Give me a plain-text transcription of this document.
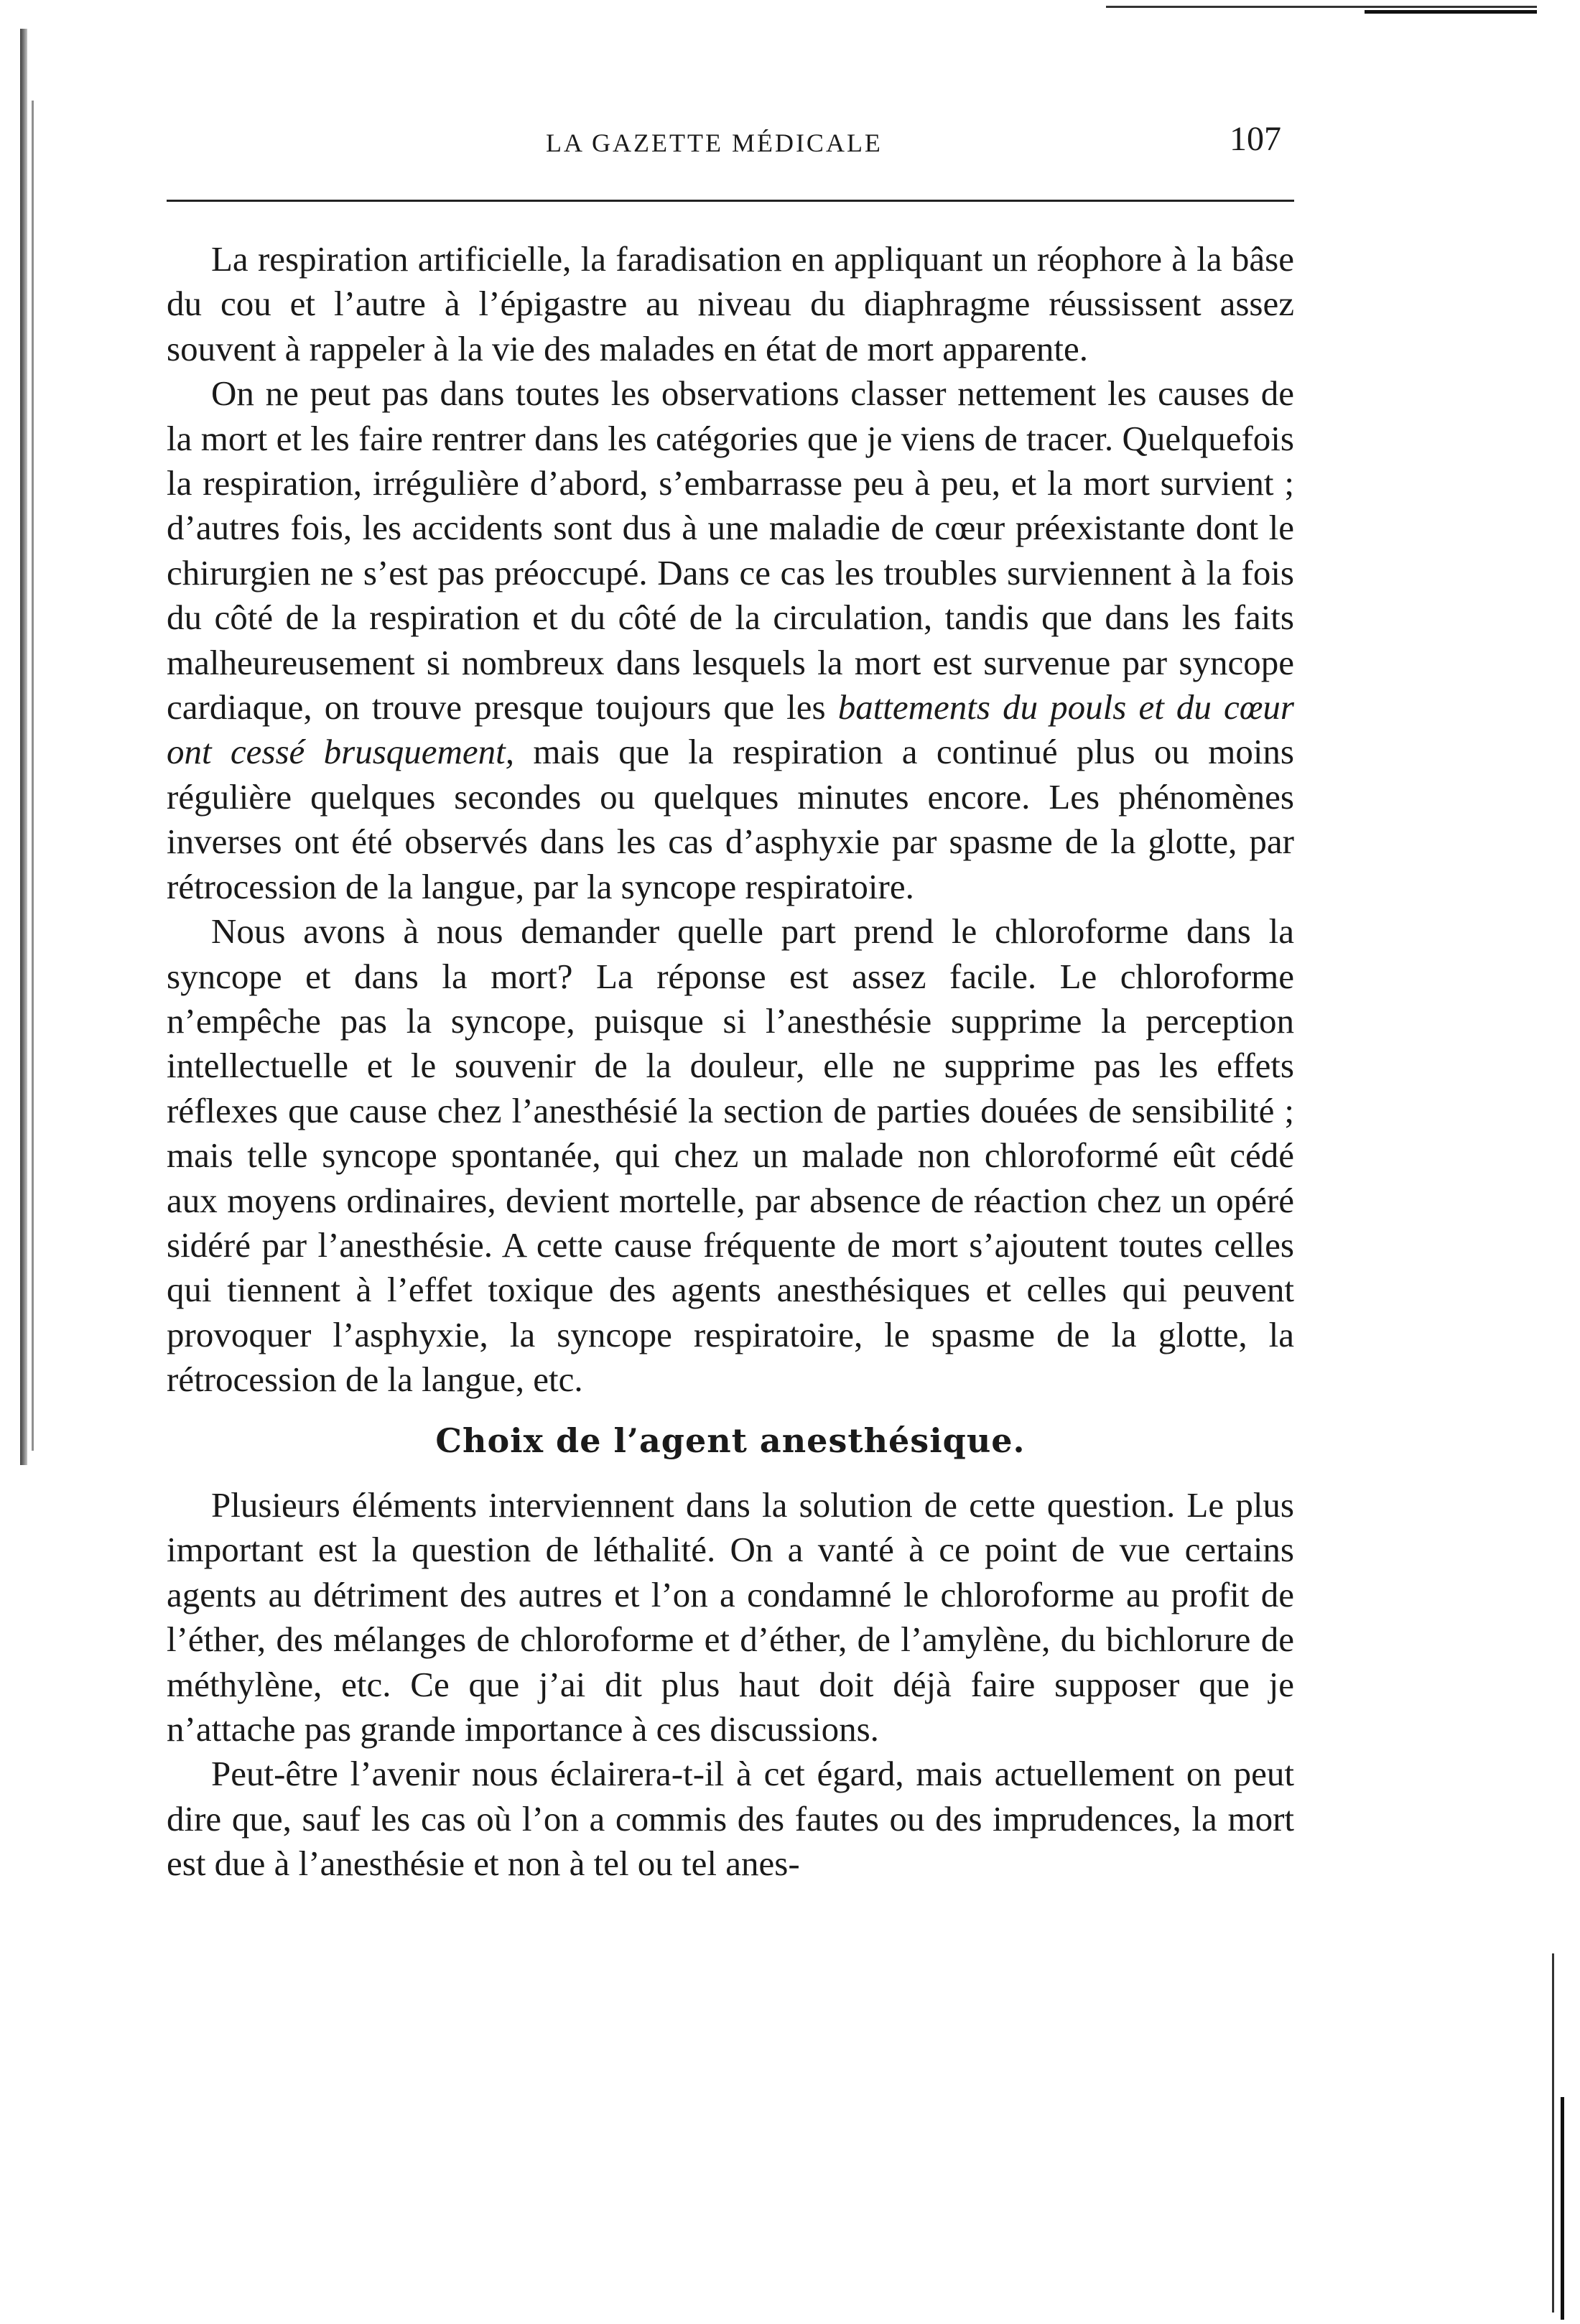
LA GAZETTE MÉDICALE	107

La respiration artificielle, la faradisation en appliquant un réophore à la bâse du cou et l’autre à l’épigastre au niveau du diaphragme réussissent assez souvent à rappeler à la vie des malades en état de mort apparente.

On ne peut pas dans toutes les observations classer nettement les causes de la mort et les faire rentrer dans les catégories que je viens de tracer. Quelquefois la respiration, irrégulière d’abord, s’embarrasse peu à peu, et la mort survient ; d’autres fois, les accidents sont dus à une maladie de cœur préexistante dont le chirurgien ne s’est pas préoccupé. Dans ce cas les troubles surviennent à la fois du côté de la respiration et du côté de la circulation, tandis que dans les faits malheureusement si nombreux dans lesquels la mort est survenue par syncope cardiaque, on trouve presque toujours que les battements du pouls et du cœur ont cessé brusquement, mais que la respiration a continué plus ou moins régulière quelques secondes ou quelques minutes encore. Les phénomènes inverses ont été observés dans les cas d’asphyxie par spasme de la glotte, par rétrocession de la langue, par la syncope respiratoire.

Nous avons à nous demander quelle part prend le chloroforme dans la syncope et dans la mort? La réponse est assez facile. Le chloroforme n’empêche pas la syncope, puisque si l’anesthésie supprime la perception intellectuelle et le souvenir de la douleur, elle ne supprime pas les effets réflexes que cause chez l’anesthésié la section de parties douées de sensibilité ; mais telle syncope spontanée, qui chez un malade non chloroformé eût cédé aux moyens ordinaires, devient mortelle, par absence de réaction chez un opéré sidéré par l’anesthésie. A cette cause fréquente de mort s’ajoutent toutes celles qui tiennent à l’effet toxique des agents anesthésiques et celles qui peuvent provoquer l’asphyxie, la syncope respiratoire, le spasme de la glotte, la rétrocession de la langue, etc.

Choix de l’agent anesthésique.

Plusieurs éléments interviennent dans la solution de cette question. Le plus important est la question de léthalité. On a vanté à ce point de vue certains agents au détriment des autres et l’on a condamné le chloroforme au profit de l’éther, des mélanges de chloroforme et d’éther, de l’amylène, du bichlorure de méthylène, etc. Ce que j’ai dit plus haut doit déjà faire supposer que je n’attache pas grande importance à ces discussions.

Peut-être l’avenir nous éclairera-t-il à cet égard, mais actuellement on peut dire que, sauf les cas où l’on a commis des fautes ou des imprudences, la mort est due à l’anesthésie et non à tel ou tel anes-
